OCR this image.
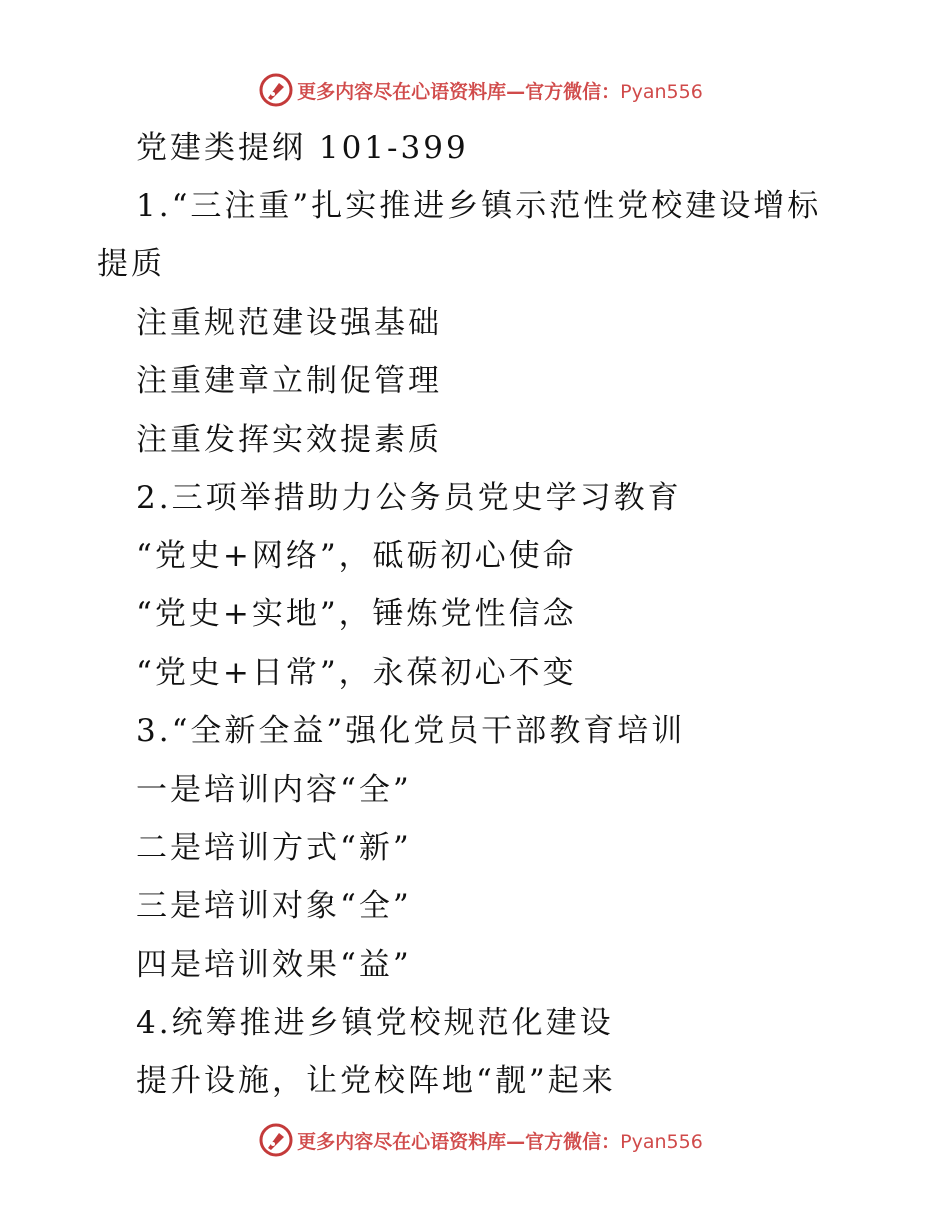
更多内容尽在心语资料库—官方微信：Pyan556
党建类提纲 101-399
1.“三注重”扎实推进乡镇示范性党校建设增标
提质
注重规范建设强基础
注重建章立制促管理
注重发挥实效提素质
2.三项举措助力公务员党史学习教育
“党史+网络”，砥砺初心使命
“党史+实地”，锤炼党性信念
“党史+日常”，永葆初心不变
3.“全新全益”强化党员干部教育培训
一是培训内容“全”
二是培训方式“新”
三是培训对象“全”
四是培训效果“益”
4.统筹推进乡镇党校规范化建设
提升设施，让党校阵地“靓”起来
更多内容尽在心语资料库—官方微信：Pyan556
